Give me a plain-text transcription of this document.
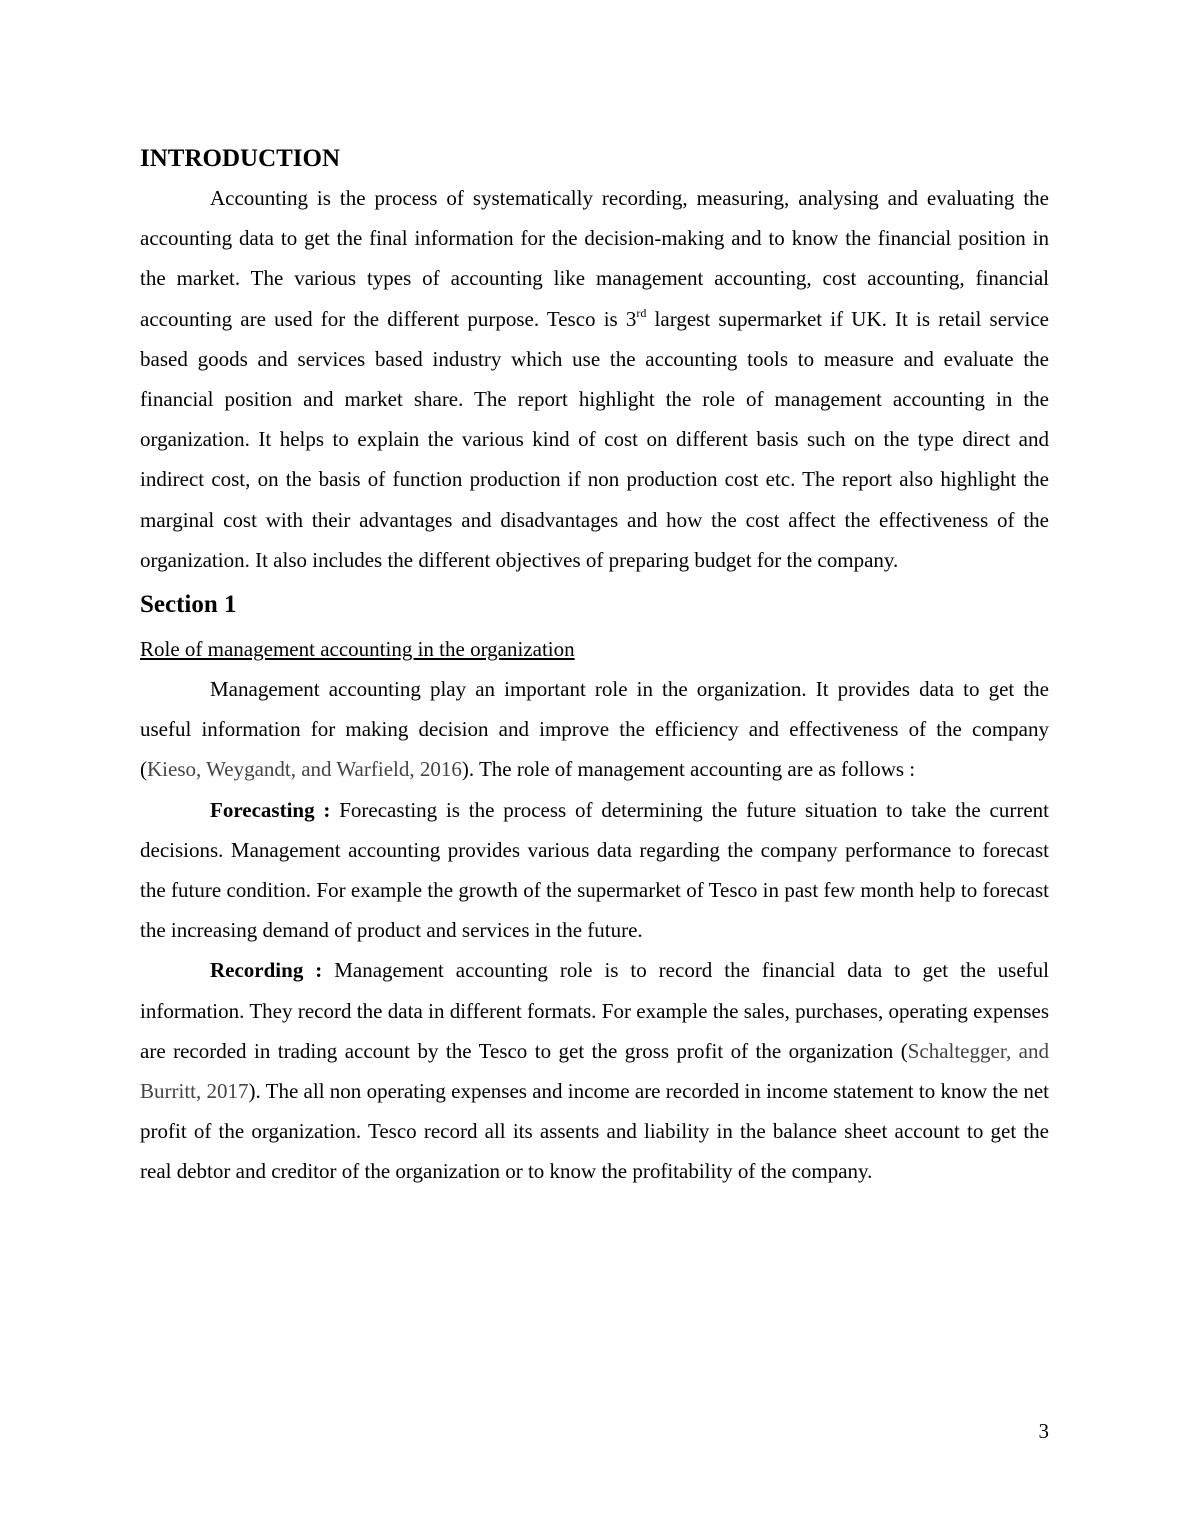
INTRODUCTION

Accounting is the process of systematically recording, measuring, analysing and evaluating the accounting data to get the final information for the decision-making and to know the financial position in the market. The various types of accounting like management accounting, cost accounting, financial accounting are used for the different purpose. Tesco is 3rd largest supermarket if UK. It is retail service based goods and services based industry which use the accounting tools to measure and evaluate the financial position and market share. The report highlight the role of management accounting in the organization. It helps to explain the various kind of cost on different basis such on the type direct and indirect cost, on the basis of function production if non production cost etc. The report also highlight the marginal cost with their advantages and disadvantages and how the cost affect the effectiveness of the organization. It also includes the different objectives of preparing budget for the company.

Section 1
Role of management accounting in the organization

Management accounting play an important role in the organization. It provides data to get the useful information for making decision and improve the efficiency and effectiveness of the company (Kieso, Weygandt, and Warfield, 2016). The role of management accounting are as follows :

Forecasting : Forecasting is the process of determining the future situation to take the current decisions. Management accounting provides various data regarding the company performance to forecast the future condition. For example the growth of the supermarket of Tesco in past few month help to forecast the increasing demand of product and services in the future.

Recording : Management accounting role is to record the financial data to get the useful information. They record the data in different formats. For example the sales, purchases, operating expenses are recorded in trading account by the Tesco to get the gross profit of the organization (Schaltegger, and Burritt, 2017). The all non operating expenses and income are recorded in income statement to know the net profit of the organization. Tesco record all its assents and liability in the balance sheet account to get the real debtor and creditor of the organization or to know the profitability of the company.

3
